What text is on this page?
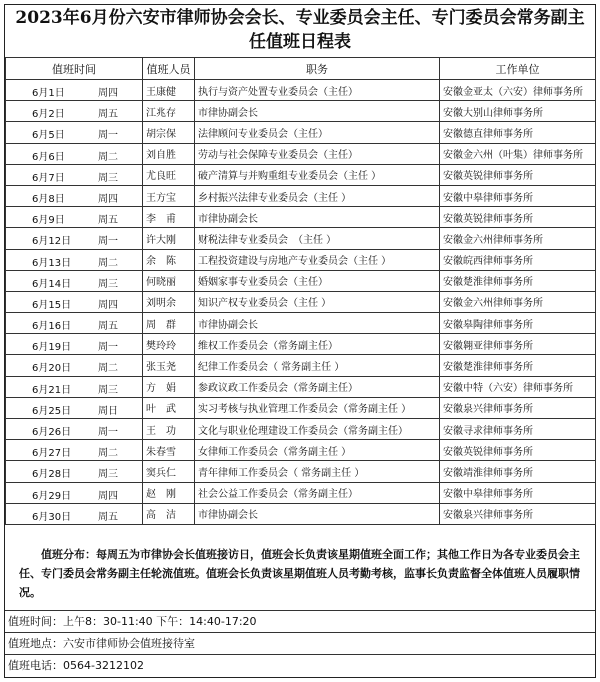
2023年6月份六安市律师协会会长、专业委员会主任、专门委员会常务副主
任值班日程表
值班时间	值班人员	职务	工作单位

6月1日 周四	王康健	执行与资产处置专业委员会（主任）	安徽金亚太（六安）律师事务所

6月2日 周五	江兆存	市律协副会长	安徽大别山律师事务所

6月5日 周一	胡宗保	法律顾问专业委员会（主任）	安徽德直律师事务所

6月6日 周二	刘自胜	劳动与社会保障专业委员会（主任）	安徽金六州（叶集）律师事务所

6月7日 周三	尤良旺	破产清算与并购重组专业委员会（主任 ）	安徽英锐律师事务所

6月8日 周四	王方宝	乡村振兴法律专业委员会（主任 ）	安徽中皋律师事务所

6月9日 周五	李　甫	市律协副会长	安徽英锐律师事务所

6月12日 周一	许大刚	财税法律专业委员会　（主任 ）	安徽金六州律师事务所

6月13日 周二	余　陈	工程投资建设与房地产专业委员会（主任 ）	安徽皖西律师事务所

6月14日 周三	何晓丽	婚姻家事专业委员会（主任）	安徽楚淮律师事务所

6月15日 周四	刘明余	知识产权专业委员会（主任 ）	安徽金六州律师事务所

6月16日 周五	周　群	市律协副会长	安徽皋陶律师事务所

6月19日 周一	樊玲玲	维权工作委员会（常务副主任）	安徽翱亚律师事务所

6月20日 周二	张玉尧	纪律工作委员会（ 常务副主任 ）	安徽楚淮律师事务所

6月21日 周三	方　娟	参政议政工作委员会（常务副主任）	安徽中特（六安）律师事务所

6月25日 周日	叶　武	实习考核与执业管理工作委员会（常务副主任 ）	安徽泉兴律师事务所

6月26日 周一	王　功	文化与职业伦理建设工作委员会（常务副主任）	安徽寻求律师事务所

6月27日 周二	朱春雪	女律师工作委员会（常务副主任 ）	安徽英锐律师事务所

6月28日 周三	窦兵仁	青年律师工作委员会（ 常务副主任 ）	安徽靖淮律师事务所

6月29日 周四	赵　刚	社会公益工作委员会（常务副主任）	安徽中皋律师事务所

6月30日 周五	高　洁	市律协副会长	安徽泉兴律师事务所
值班分布：每周五为市律协会长值班接访日，值班会长负责该星期值班全面工作；其他工作日为各专业委员会主任、专门委员会常务副主任轮流值班。值班会长负责该星期值班人员考勤考核，监事长负责监督全体值班人员履职情况。
值班时间：上午8：30-11:40 下午：14:40-17:20
值班地点：六安市律师协会值班接待室
值班电话：0564-3212102
